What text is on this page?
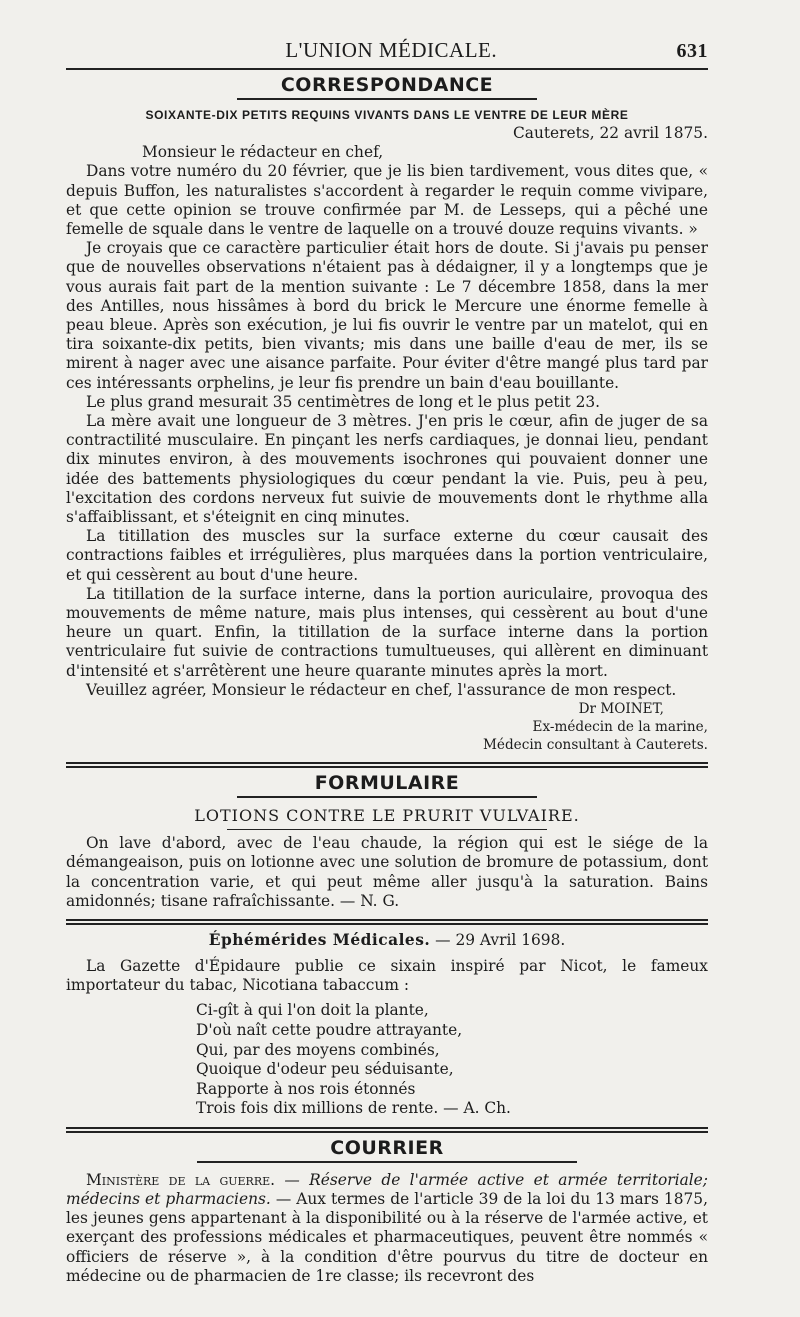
L'UNION MÉDICALE.	631
CORRESPONDANCE
SOIXANTE-DIX PETITS REQUINS VIVANTS DANS LE VENTRE DE LEUR MÈRE

Cauterets, 22 avril 1875.

Monsieur le rédacteur en chef,

Dans votre numéro du 20 février, que je lis bien tardivement, vous dites que, « depuis Buffon, les naturalistes s'accordent à regarder le requin comme vivipare, et que cette opinion se trouve confirmée par M. de Lesseps, qui a pêché une femelle de squale dans le ventre de laquelle on a trouvé douze requins vivants. »

Je croyais que ce caractère particulier était hors de doute. Si j'avais pu penser que de nouvelles observations n'étaient pas à dédaigner, il y a longtemps que je vous aurais fait part de la mention suivante : Le 7 décembre 1858, dans la mer des Antilles, nous hissâmes à bord du brick le Mercure une énorme femelle à peau bleue. Après son exécution, je lui fis ouvrir le ventre par un matelot, qui en tira soixante-dix petits, bien vivants; mis dans une baille d'eau de mer, ils se mirent à nager avec une aisance parfaite. Pour éviter d'être mangé plus tard par ces intéressants orphelins, je leur fis prendre un bain d'eau bouillante.

Le plus grand mesurait 35 centimètres de long et le plus petit 23.

La mère avait une longueur de 3 mètres. J'en pris le cœur, afin de juger de sa contractilité musculaire. En pinçant les nerfs cardiaques, je donnai lieu, pendant dix minutes environ, à des mouvements isochrones qui pouvaient donner une idée des battements physiologiques du cœur pendant la vie. Puis, peu à peu, l'excitation des cordons nerveux fut suivie de mouvements dont le rhythme alla s'affaiblissant, et s'éteignit en cinq minutes.

La titillation des muscles sur la surface externe du cœur causait des contractions faibles et irrégulières, plus marquées dans la portion ventriculaire, et qui cessèrent au bout d'une heure.

La titillation de la surface interne, dans la portion auriculaire, provoqua des mouvements de même nature, mais plus intenses, qui cessèrent au bout d'une heure un quart. Enfin, la titillation de la surface interne dans la portion ventriculaire fut suivie de contractions tumultueuses, qui allèrent en diminuant d'intensité et s'arrêtèrent une heure quarante minutes après la mort.

Veuillez agréer, Monsieur le rédacteur en chef, l'assurance de mon respect.

Dr MOINET,

Ex-médecin de la marine,

Médecin consultant à Cauterets.

FORMULAIRE
LOTIONS CONTRE LE PRURIT VULVAIRE.

On lave d'abord, avec de l'eau chaude, la région qui est le siége de la démangeaison, puis on lotionne avec une solution de bromure de potassium, dont la concentration varie, et qui peut même aller jusqu'à la saturation. Bains amidonnés; tisane rafraîchissante. — N. G.

Éphémérides Médicales. — 29 Avril 1698.

La Gazette d'Épidaure publie ce sixain inspiré par Nicot, le fameux importateur du tabac, Nicotiana tabaccum :

Ci-gît à qui l'on doit la plante,
D'où naît cette poudre attrayante,
Qui, par des moyens combinés,
Quoique d'odeur peu séduisante,
Rapporte à nos rois étonnés
Trois fois dix millions de rente. — A. Ch.
COURRIER

Ministère de la guerre. — Réserve de l'armée active et armée territoriale; médecins et pharmaciens. — Aux termes de l'article 39 de la loi du 13 mars 1875, les jeunes gens appartenant à la disponibilité ou à la réserve de l'armée active, et exerçant des professions médicales et pharmaceutiques, peuvent être nommés « officiers de réserve », à la condition d'être pourvus du titre de docteur en médecine ou de pharmacien de 1re classe; ils recevront des
